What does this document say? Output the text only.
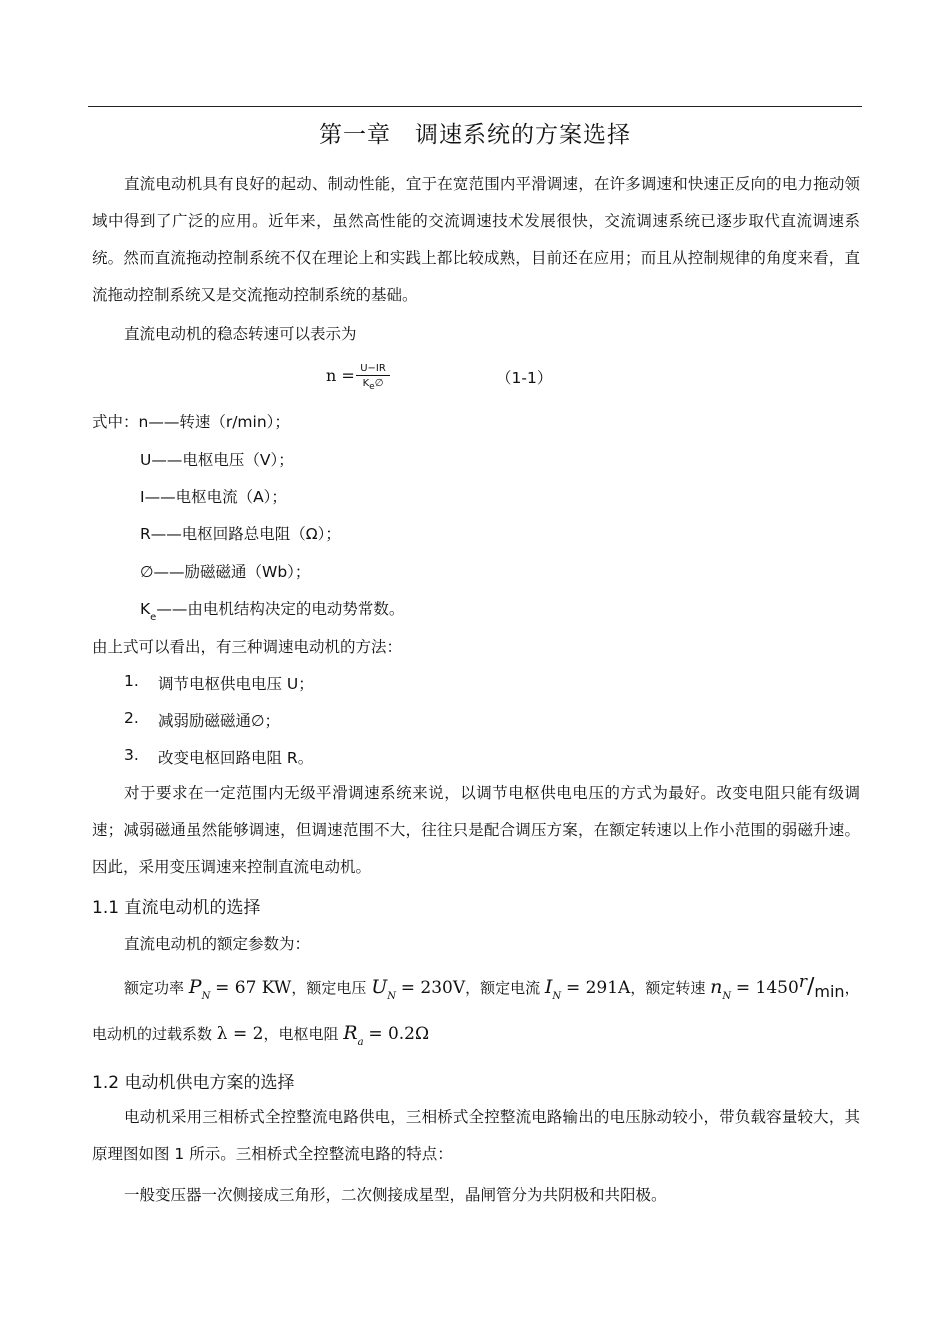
第一章　调速系统的方案选择
直流电动机具有良好的起动、制动性能，宜于在宽范围内平滑调速，在许多调速和快速正反向的电力拖动领域中得到了广泛的应用。近年来，虽然高性能的交流调速技术发展很快，交流调速系统已逐步取代直流调速系统。然而直流拖动控制系统不仅在理论上和实践上都比较成熟，目前还在应用；而且从控制规律的角度来看，直流拖动控制系统又是交流拖动控制系统的基础。
直流电动机的稳态转速可以表示为
$n = \frac{U-IR}{Ke\emptyset}$	（1-1）
式中：n——转速（r/min）；
U——电枢电压（V）；
I——电枢电流（A）；
R——电枢回路总电阻（Ω）；
∅——励磁磁通（Wb）；
$K_e——$由电机结构决定的电动势常数。
由上式可以看出，有三种调速电动机的方法：
1. 调节电枢供电电压 U；
2. 减弱励磁磁通∅；
3. 改变电枢回路电阻 R。
对于要求在一定范围内无级平滑调速系统来说，以调节电枢供电电压的方式为最好。改变电阻只能有级调速；减弱磁通虽然能够调速，但调速范围不大，往往只是配合调压方案，在额定转速以上作小范围的弱磁升速。因此，采用变压调速来控制直流电动机。
1.1 直流电动机的选择
直流电动机的额定参数为：
额定功率 $P_N = 67$ KW，额定电压 $U_N = 230V$，额定电流 $I_N = 291A$，额定转速 $n_N$ = 1450r∕min，
电动机的过载系数 λ = 2，电枢电阻 $R_a = 0.2\Omega$
1.2 电动机供电方案的选择
电动机采用三相桥式全控整流电路供电，三相桥式全控整流电路输出的电压脉动较小，带负载容量较大，其原理图如图 1 所示。三相桥式全控整流电路的特点：
一般变压器一次侧接成三角形，二次侧接成星型，晶闸管分为共阴极和共阳极。
